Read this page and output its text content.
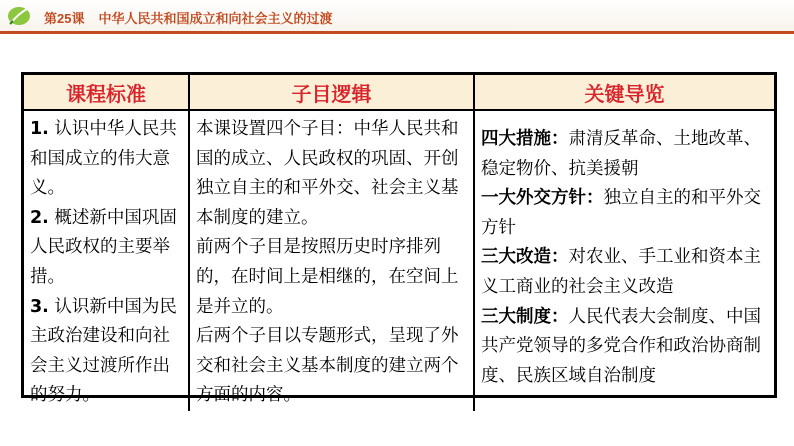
第25课 中华人民共和国成立和向社会主义的过渡
课程标准	子目逻辑	关键导览

1. 认识中华人民共和国成立的伟大意义。

2. 概述新中国巩固人民政权的主要举措。

3. 认识新中国为民主政治建设和向社会主义过渡所作出的努力。

本课设置四个子目：中华人民共和国的成立、人民政权的巩固、开创独立自主的和平外交、社会主义基本制度的建立。

前两个子目是按照历史时序排列的，在时间上是相继的，在空间上是并立的。

后两个子目以专题形式，呈现了外交和社会主义基本制度的建立两个方面的内容。

四大措施：肃清反革命、土地改革、稳定物价、抗美援朝

一大外交方针：独立自主的和平外交方针

三大改造：对农业、手工业和资本主义工商业的社会主义改造

三大制度：人民代表大会制度、中国共产党领导的多党合作和政治协商制度、民族区域自治制度
